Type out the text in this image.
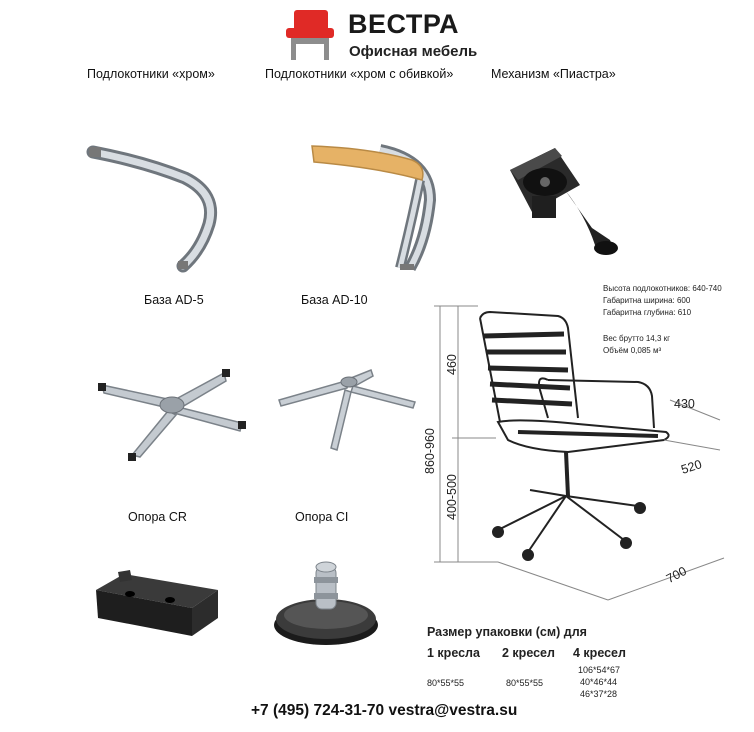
ВЕСТРА
Офисная мебель
Подлокотники «хром»	Подлокотники «хром с обивкой»	Механизм «Пиастра»
База AD-5	База AD-10
Опора CR	Опора CI
Высота подлокотников: 640-740
Габаритна ширина: 600
Габаритна глубина: 610
Вес брутто 14,3 кг
Объём 0,085 м³
460
860-960
400-500
430
520
700
Размер упаковки (см) для
1 кресла 2 кресел 4 кресел
80*55*55	80*55*55
106*54*67
40*46*44
46*37*28
+7 (495) 724-31-70 vestra@vestra.su
